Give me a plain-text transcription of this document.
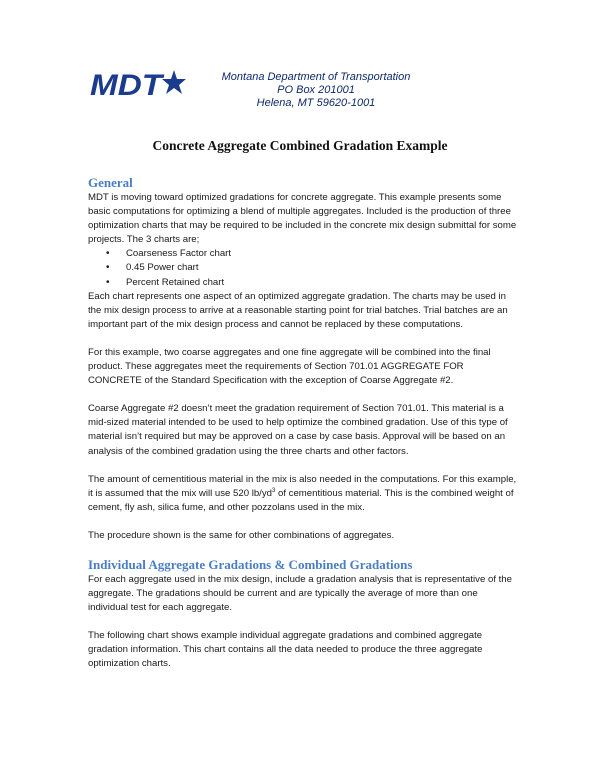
MDT	Montana Department of Transportation
PO Box 201001
Helena, MT 59620-1001
Concrete Aggregate Combined Gradation Example
General

MDT is moving toward optimized gradations for concrete aggregate. This example presents some basic computations for optimizing a blend of multiple aggregates. Included is the production of three optimization charts that may be required to be included in the concrete mix design submittal for some projects. The 3 charts are;

• Coarseness Factor chart
• 0.45 Power chart
• Percent Retained chart

Each chart represents one aspect of an optimized aggregate gradation. The charts may be used in the mix design process to arrive at a reasonable starting point for trial batches. Trial batches are an important part of the mix design process and cannot be replaced by these computations.

For this example, two coarse aggregates and one fine aggregate will be combined into the final product. These aggregates meet the requirements of Section 701.01 AGGREGATE FOR CONCRETE of the Standard Specification with the exception of Coarse Aggregate #2.

Coarse Aggregate #2 doesn’t meet the gradation requirement of Section 701.01. This material is a mid-sized material intended to be used to help optimize the combined gradation. Use of this type of material isn’t required but may be approved on a case by case basis. Approval will be based on an analysis of the combined gradation using the three charts and other factors.

The amount of cementitious material in the mix is also needed in the computations. For this example, it is assumed that the mix will use 520 $lb/yd^3$ of cementitious material. This is the combined weight of cement, fly ash, silica fume, and other pozzolans used in the mix.

The procedure shown is the same for other combinations of aggregates.

Individual Aggregate Gradations & Combined Gradations

For each aggregate used in the mix design, include a gradation analysis that is representative of the aggregate. The gradations should be current and are typically the average of more than one individual test for each aggregate.

The following chart shows example individual aggregate gradations and combined aggregate gradation information. This chart contains all the data needed to produce the three aggregate optimization charts.
